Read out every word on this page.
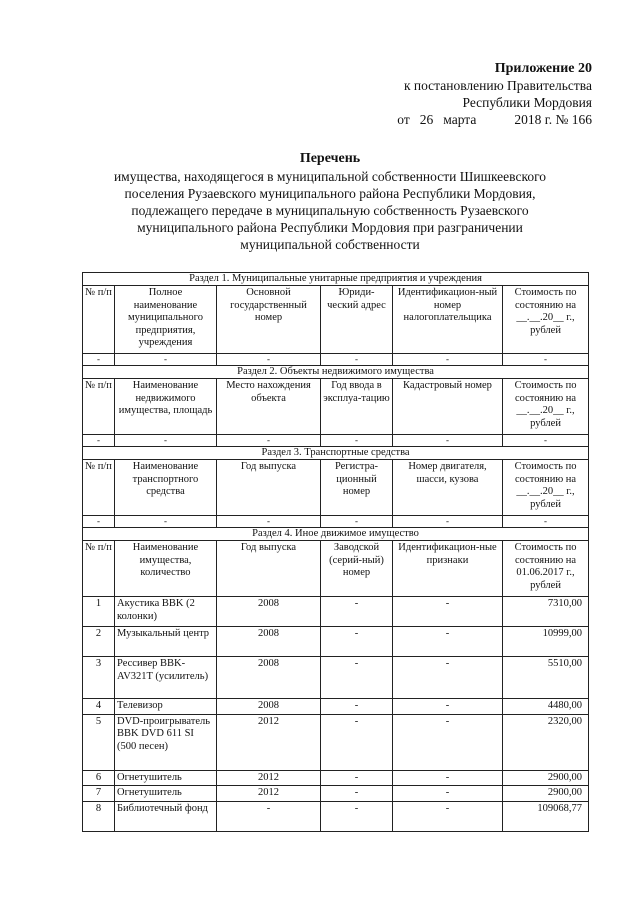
Приложение 20
к постановлению Правительства
Республики Мордовия
от 26 марта	2018 г. № 166
Перечень
имущества, находящегося в муниципальной собственности Шишкеевского
поселения Рузаевского муниципального района Республики Мордовия,
подлежащего передаче в муниципальную собственность Рузаевского
муниципального района Республики Мордовия при разграничении
муниципальной собственности
Раздел 1. Муниципальные унитарные предприятия и учреждения					
№ п/п	Полное наименование муниципального предприятия, учреждения	Основной государственный номер	Юриди-ческий адрес	Идентификацион-ный номер налогоплательщика	Стоимость по состоянию на __.__.20__ г., рублей
-	-	-	-	-	-
Раздел 2. Объекты недвижимого имущества					
№ п/п	Наименование недвижимого имущества, площадь	Место нахождения объекта	Год ввода в эксплуа-тацию	Кадастровый номер	Стоимость по состоянию на __.__.20__ г., рублей
-	-	-	-	-	-
Раздел 3. Транспортные средства					
№ п/п	Наименование транспортного средства	Год выпуска	Регистра-ционный номер	Номер двигателя, шасси, кузова	Стоимость по состоянию на __.__.20__ г., рублей
-	-	-	-	-	-
Раздел 4. Иное движимое имущество					
№ п/п	Наименование имущества, количество	Год выпуска	Заводской (серий-ный) номер	Идентификацион-ные признаки	Стоимость по состоянию на 01.06.2017 г., рублей
1	Акустика BBK (2 колонки)	2008	-	-	7310,00
2	Музыкальный центр	2008	-	-	10999,00
3	Ресcивер BBK-AV321T (усилитель)	2008	-	-	5510,00
4	Телевизор	2008	-	-	4480,00
5	DVD-проигрыватель BBK DVD 611 SI (500 песен)	2012	-	-	2320,00
6	Огнетушитель	2012	-	-	2900,00
7	Огнетушитель	2012	-	-	2900,00
8	Библиотечный фонд	-	-	-	109068,77
